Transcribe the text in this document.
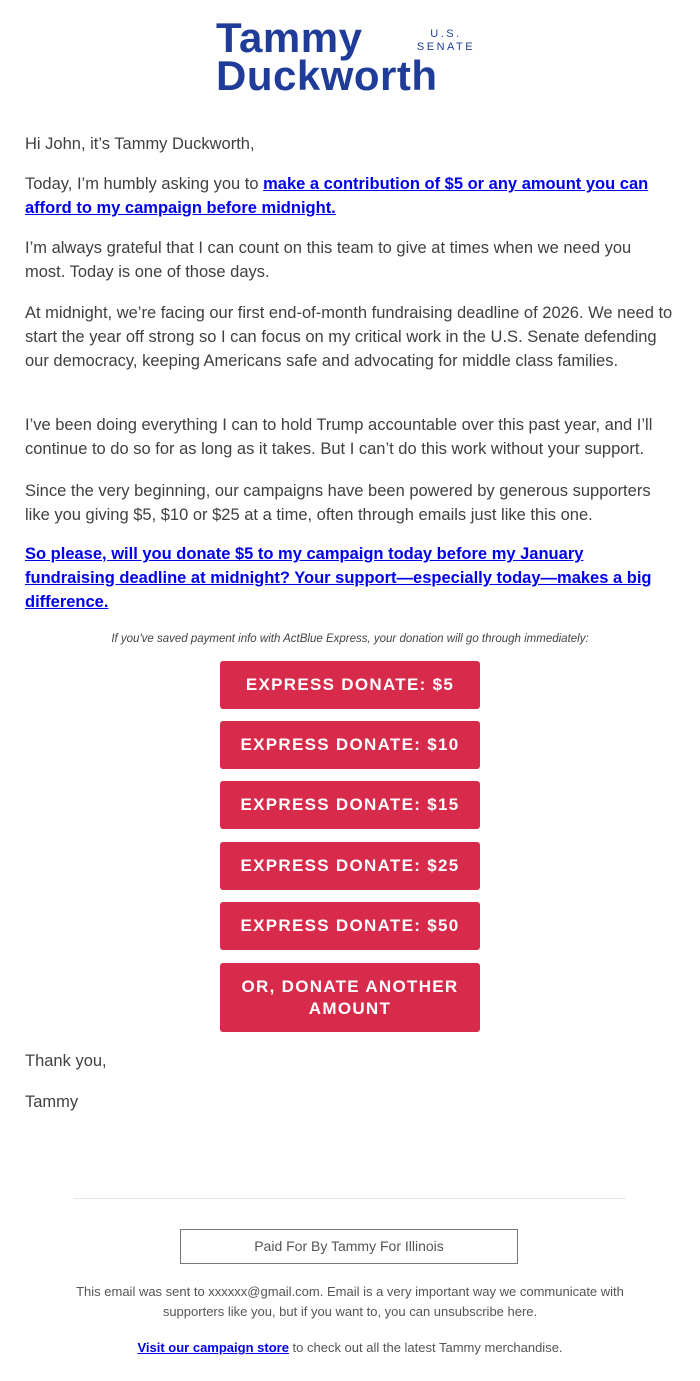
Tammy	U.S.
SENATE
Duckworth

Hi John, it’s Tammy Duckworth,

Today, I’m humbly asking you to make a contribution of $5 or any amount you can afford to my campaign before midnight.

I’m always grateful that I can count on this team to give at times when we need you most. Today is one of those days.

At midnight, we’re facing our first end-of-month fundraising deadline of 2026. We need to start the year off strong so I can focus on my critical work in the U.S. Senate defending our democracy, keeping Americans safe and advocating for middle class families.

I’ve been doing everything I can to hold Trump accountable over this past year, and I’ll continue to do so for as long as it takes. But I can’t do this work without your support.

Since the very beginning, our campaigns have been powered by generous supporters like you giving $5, $10 or $25 at a time, often through emails just like this one.

So please, will you donate $5 to my campaign today before my January fundraising deadline at midnight? Your support—especially today—makes a big difference.

If you've saved payment info with ActBlue Express, your donation will go through immediately:
EXPRESS DONATE: $5
EXPRESS DONATE: $10
EXPRESS DONATE: $15
EXPRESS DONATE: $25
EXPRESS DONATE: $50
OR, DONATE ANOTHER AMOUNT

Thank you,

Tammy

Paid For By Tammy For Illinois
This email was sent to xxxxxx@gmail.com. Email is a very important way we communicate with supporters like you, but if you want to, you can unsubscribe here.
Visit our campaign store to check out all the latest Tammy merchandise.
